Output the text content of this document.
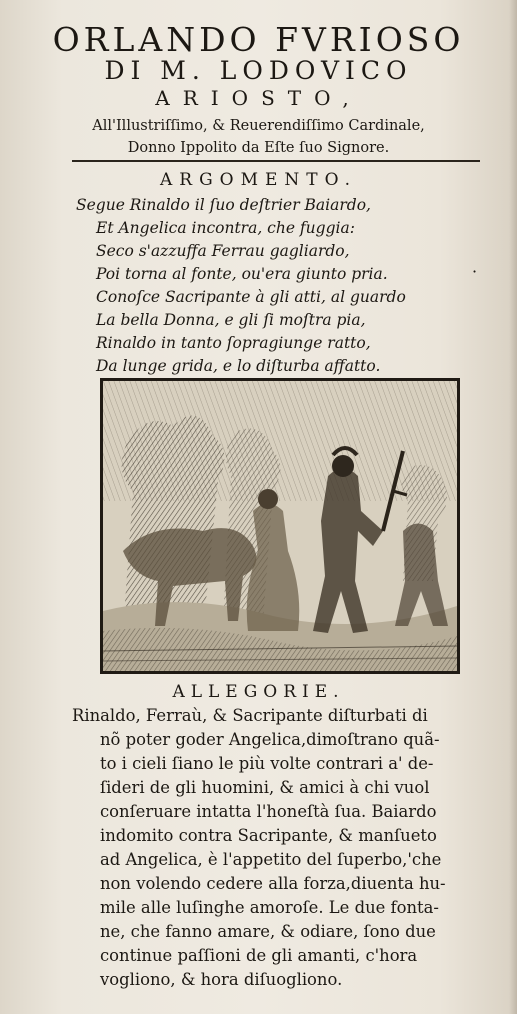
ORLANDO FVRIOSO
DI M. LODOVICO
ARIOSTO,
All'Illustriſſimo, & Reuerendiſſimo Cardinale,
Donno Ippolito da Eſte ſuo Signore.
ARGOMENTO.
Segue Rinaldo il ſuo deſtrier Baiardo,
Et Angelica incontra, che fuggia:
Seco s'azzuffa Ferrau gagliardo,
Poi torna al fonte, ou'era giunto pria.
Conoſce Sacripante à gli atti, al guardo
La bella Donna, e gli ſi moſtra pia,
Rinaldo in tanto ſopragiunge ratto,
Da lunge grida, e lo diſturba affatto.
·
ALLEGORIE.
Rinaldo, Ferraù, & Sacripante diſturbati di
nõ poter goder Angelica,dimoſtrano quã-
to i cieli ſiano le più volte contrari a' de-
ſideri de gli huomini, & amici à chi vuol
conſeruare intatta l'honeſtà ſua. Baiardo
indomito contra Sacripante, & manſueto
ad Angelica, è l'appetito del ſuperbo,'che
non volendo cedere alla forza,diuenta hu-
mile alle luſinghe amoroſe. Le due fonta-
ne, che fanno amare, & odiare, ſono due
continue paſſioni de gli amanti, c'hora
vogliono, & hora diſuogliono.
